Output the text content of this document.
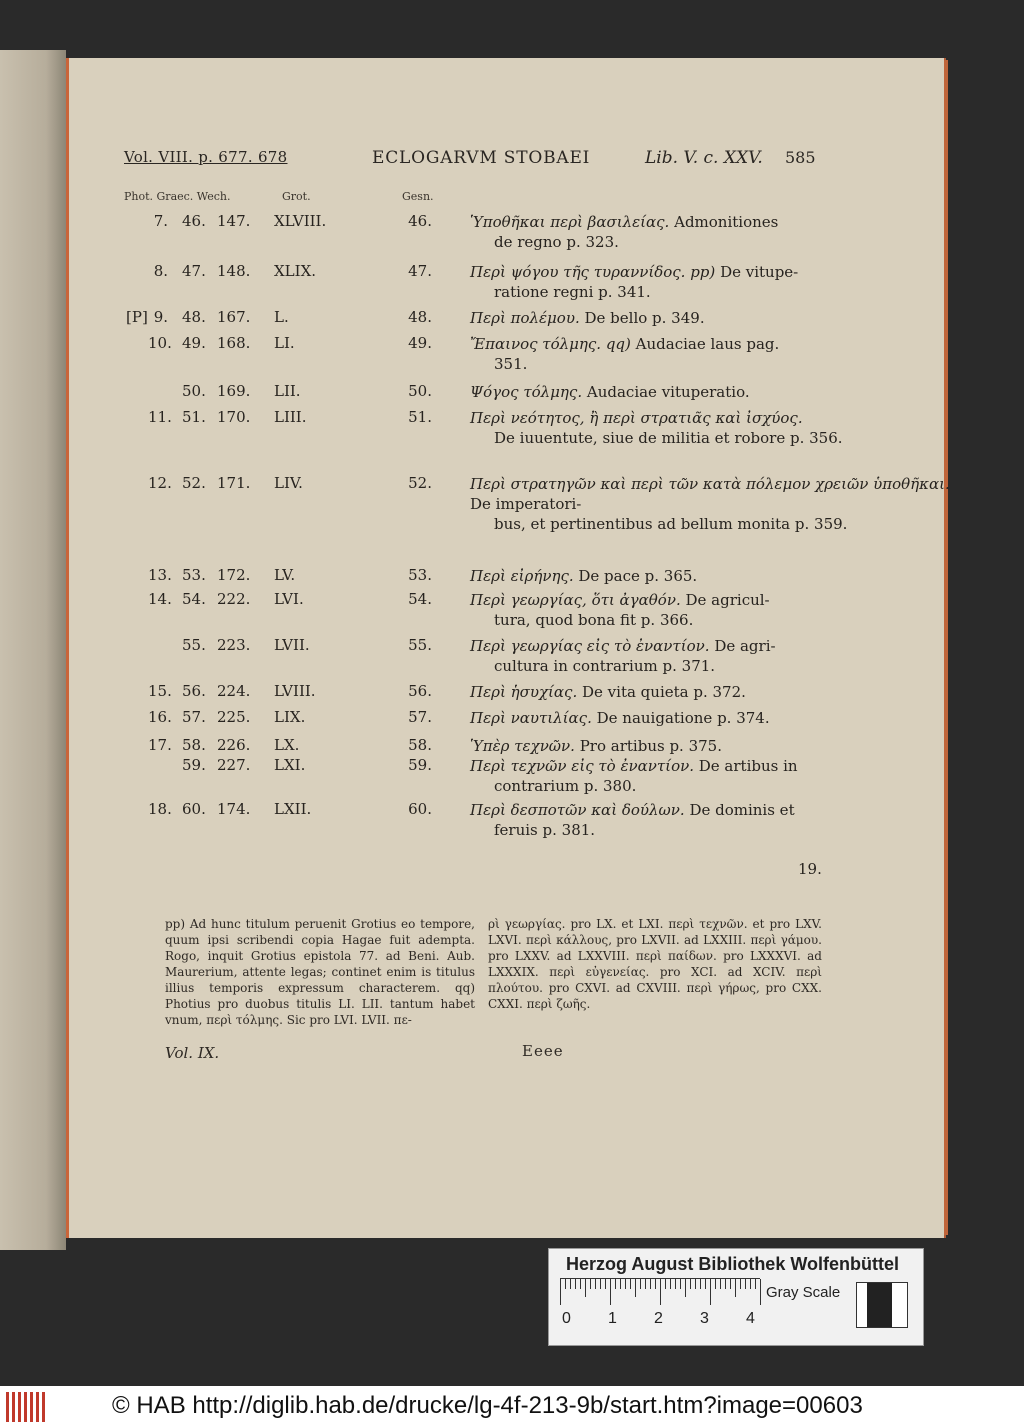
Vol. VIII. p. 677. 678	ECLOGARVM STOBAEI	Lib. V. c. XXV. 585
Phot. Graec. Wech.	Grot.	Gesn.
7. 46. 147. XLVIII.	46.	Ὑποθῆκαι περὶ βασιλείας. Admonitiones
de regno p. 323.
8. 47. 148. XLIX.	47.	Περὶ ψόγου τῆς τυραννίδος. pp) De vitupe-
ratione regni p. 341.
[P] 9. 48. 167. L.	48.	Περὶ πολέμου. De bello p. 349.
10. 49. 168. LI.	49.	Ἔπαινος τόλμης. qq) Audaciae laus pag.
351.
50. 169. LII.	50.	Ψόγος τόλμης. Audaciae vituperatio.
11. 51. 170. LIII.	51.	Περὶ νεότητος, ἢ περὶ στρατιᾶς καὶ ἰσχύος.
De iuuentute, siue de militia et robore p. 356.
12. 52. 171. LIV.	52.	Περὶ στρατηγῶν καὶ περὶ τῶν κατὰ πόλεμον χρειῶν ὑποθῆκαι. De imperatori-
bus, et pertinentibus ad bellum monita p. 359.
13. 53. 172. LV.	53.	Περὶ εἰρήνης. De pace p. 365.
14. 54. 222. LVI.	54.	Περὶ γεωργίας, ὅτι ἀγαθόν. De agricul-
tura, quod bona fit p. 366.
55. 223. LVII.	55.	Περὶ γεωργίας εἰς τὸ ἐναντίον. De agri-
cultura in contrarium p. 371.
15. 56. 224. LVIII.	56.	Περὶ ἡσυχίας. De vita quieta p. 372.
16. 57. 225. LIX.	57.	Περὶ ναυτιλίας. De nauigatione p. 374.
17. 58. 226. LX.	58.	Ὑπὲρ τεχνῶν. Pro artibus p. 375.
59. 227. LXI.	59.	Περὶ τεχνῶν εἰς τὸ ἐναντίον. De artibus in
contrarium p. 380.
18. 60. 174. LXII.	60.	Περὶ δεσποτῶν καὶ δούλων. De dominis et
feruis p. 381.
19.
pp) Ad hunc titulum peruenit Grotius eo tempore, quum ipsi scribendi copia Hagae fuit adempta. Rogo, inquit Grotius epistola 77. ad Beni. Aub. Maurerium, attente legas; continet enim is titulus illius temporis expressum characterem. qq) Photius pro duobus titulis LI. LII. tantum habet vnum, περὶ τόλμης. Sic pro LVI. LVII. πε-
ρὶ γεωργίας. pro LX. et LXI. περὶ τεχνῶν. et pro LXV. LXVI. περὶ κάλλους, pro LXVII. ad LXXIII. περὶ γάμου. pro LXXV. ad LXXVIII. περὶ παίδων. pro LXXXVI. ad LXXXIX. περὶ εὐγενείας. pro XCI. ad XCIV. περὶ πλούτου. pro CXVI. ad CXVIII. περὶ γήρως, pro CXX. CXXI. περὶ ζωῆς.
Vol. IX.	Eeee
Herzog August Bibliothek Wolfenbüttel
Gray Scale
© HAB http://diglib.hab.de/drucke/lg-4f-213-9b/start.htm?image=00603
0 1 2 3 4
